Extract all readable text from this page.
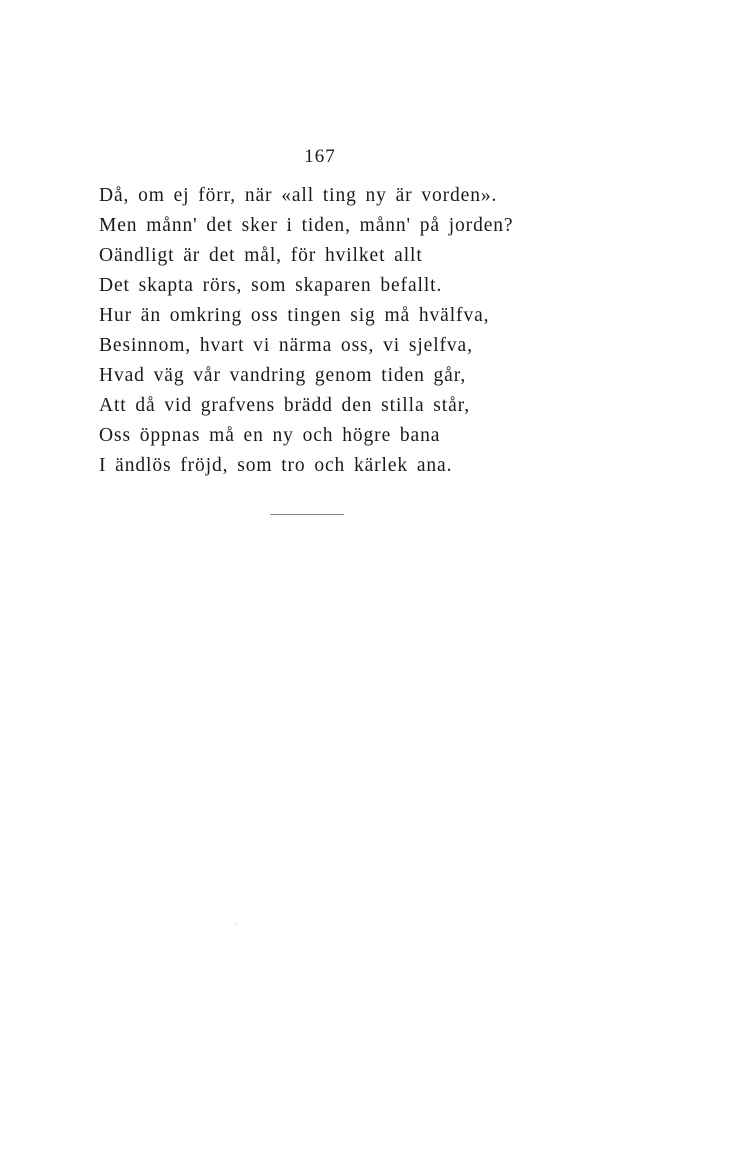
167
Då, om ej förr, när «all ting ny är vorden».
Men månn' det sker i tiden, månn' på jorden?
Oändligt är det mål, för hvilket allt
Det skapta rörs, som skaparen befallt.
Hur än omkring oss tingen sig må hvälfva,
Besinnom, hvart vi närma oss, vi sjelfva,
Hvad väg vår vandring genom tiden går,
Att då vid grafvens brädd den stilla står,
Oss öppnas må en ny och högre bana
I ändlös fröjd, som tro och kärlek ana.
